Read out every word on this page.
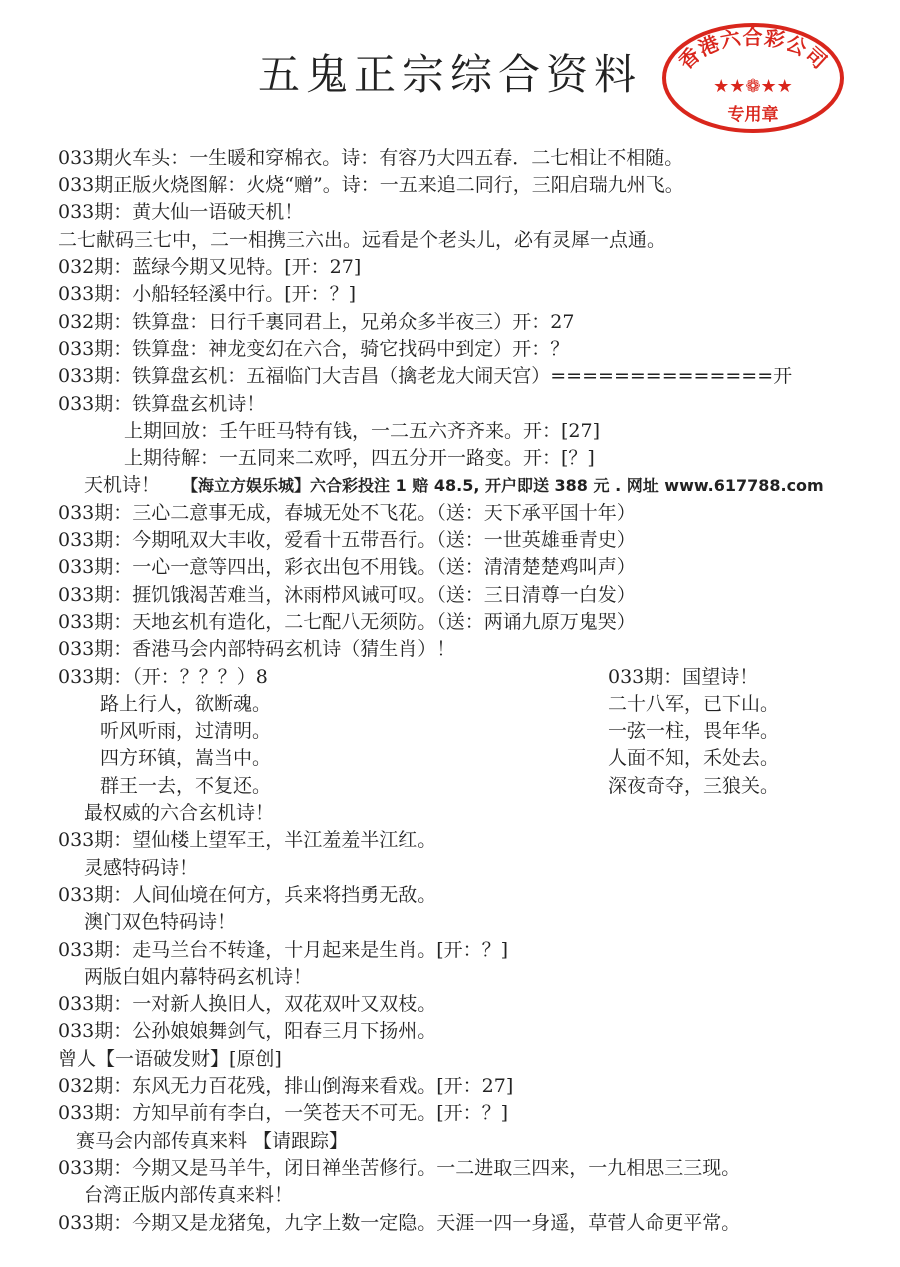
五鬼正宗综合资料	香港六合彩公司
★★❁★★
专用章
033期火车头：一生暖和穿棉衣。诗：有容乃大四五春．二七相让不相随。
033期正版火烧图解：火烧“赠”。诗：一五来追二同行，三阳启瑞九州飞。
033期：黄大仙一语破天机！
二七献码三七中，二一相携三六出。远看是个老头儿，必有灵犀一点通。
032期：蓝绿今期又见特。[开：27]
033期：小船轻轻溪中行。[开：？]
032期：铁算盘：日行千裏同君上，兄弟众多半夜三）开：27
033期：铁算盘：神龙变幻在六合，骑它找码中到定）开：？
033期：铁算盘玄机：五福临门大吉昌（擒老龙大闹天宫）==============开
033期：铁算盘玄机诗！
上期回放：壬午旺马特有钱，一二五六齐齐来。开：[27]
上期待解：一五同来二欢呼，四五分开一路变。开：[？]
天机诗！ 【海立方娱乐城】六合彩投注 1 赔 48.5, 开户即送 388 元 . 网址 www.617788.com
033期：三心二意事无成，春城无处不飞花。（送：天下承平国十年）
033期：今期吼双大丰收，爱看十五带吾行。（送：一世英雄垂青史）
033期：一心一意等四出，彩衣出包不用钱。（送：清清楚楚鸡叫声）
033期：捱饥饿渴苦难当，沐雨栉风诫可叹。（送：三日清尊一白发）
033期：天地玄机有造化，二七配八无须防。（送：两诵九原万鬼哭）
033期：香港马会内部特码玄机诗（猜生肖）！
033期：（开：？？？）8
路上行人，欲断魂。
听风听雨，过清明。
四方环镇，嵩当中。
群王一去，不复还。
最权威的六合玄机诗！
033期：望仙楼上望军王，半江羞羞半江红。
灵感特码诗！
033期：人间仙境在何方，兵来将挡勇无敌。
澳门双色特码诗！
033期：走马兰台不转逢，十月起来是生肖。[开：？]
两版白姐内幕特码玄机诗！
033期：一对新人换旧人，双花双叶又双枝。
033期：公孙娘娘舞剑气，阳春三月下扬州。
曾人【一语破发财】[原创]
032期：东风无力百花残，排山倒海来看戏。[开：27]
033期：方知早前有李白，一笑苍天不可无。[开：？]
赛马会内部传真来料 【请跟踪】
033期：今期又是马羊牛，闭日禅坐苦修行。一二进取三四来，一九相思三三现。
台湾正版内部传真来料！
033期：今期又是龙猪兔，九字上数一定隐。天涯一四一身遥，草菅人命更平常。
033期：国望诗！
二十八军，已下山。
一弦一柱，畏年华。
人面不知，禾处去。
深夜奇夺，三狼关。
